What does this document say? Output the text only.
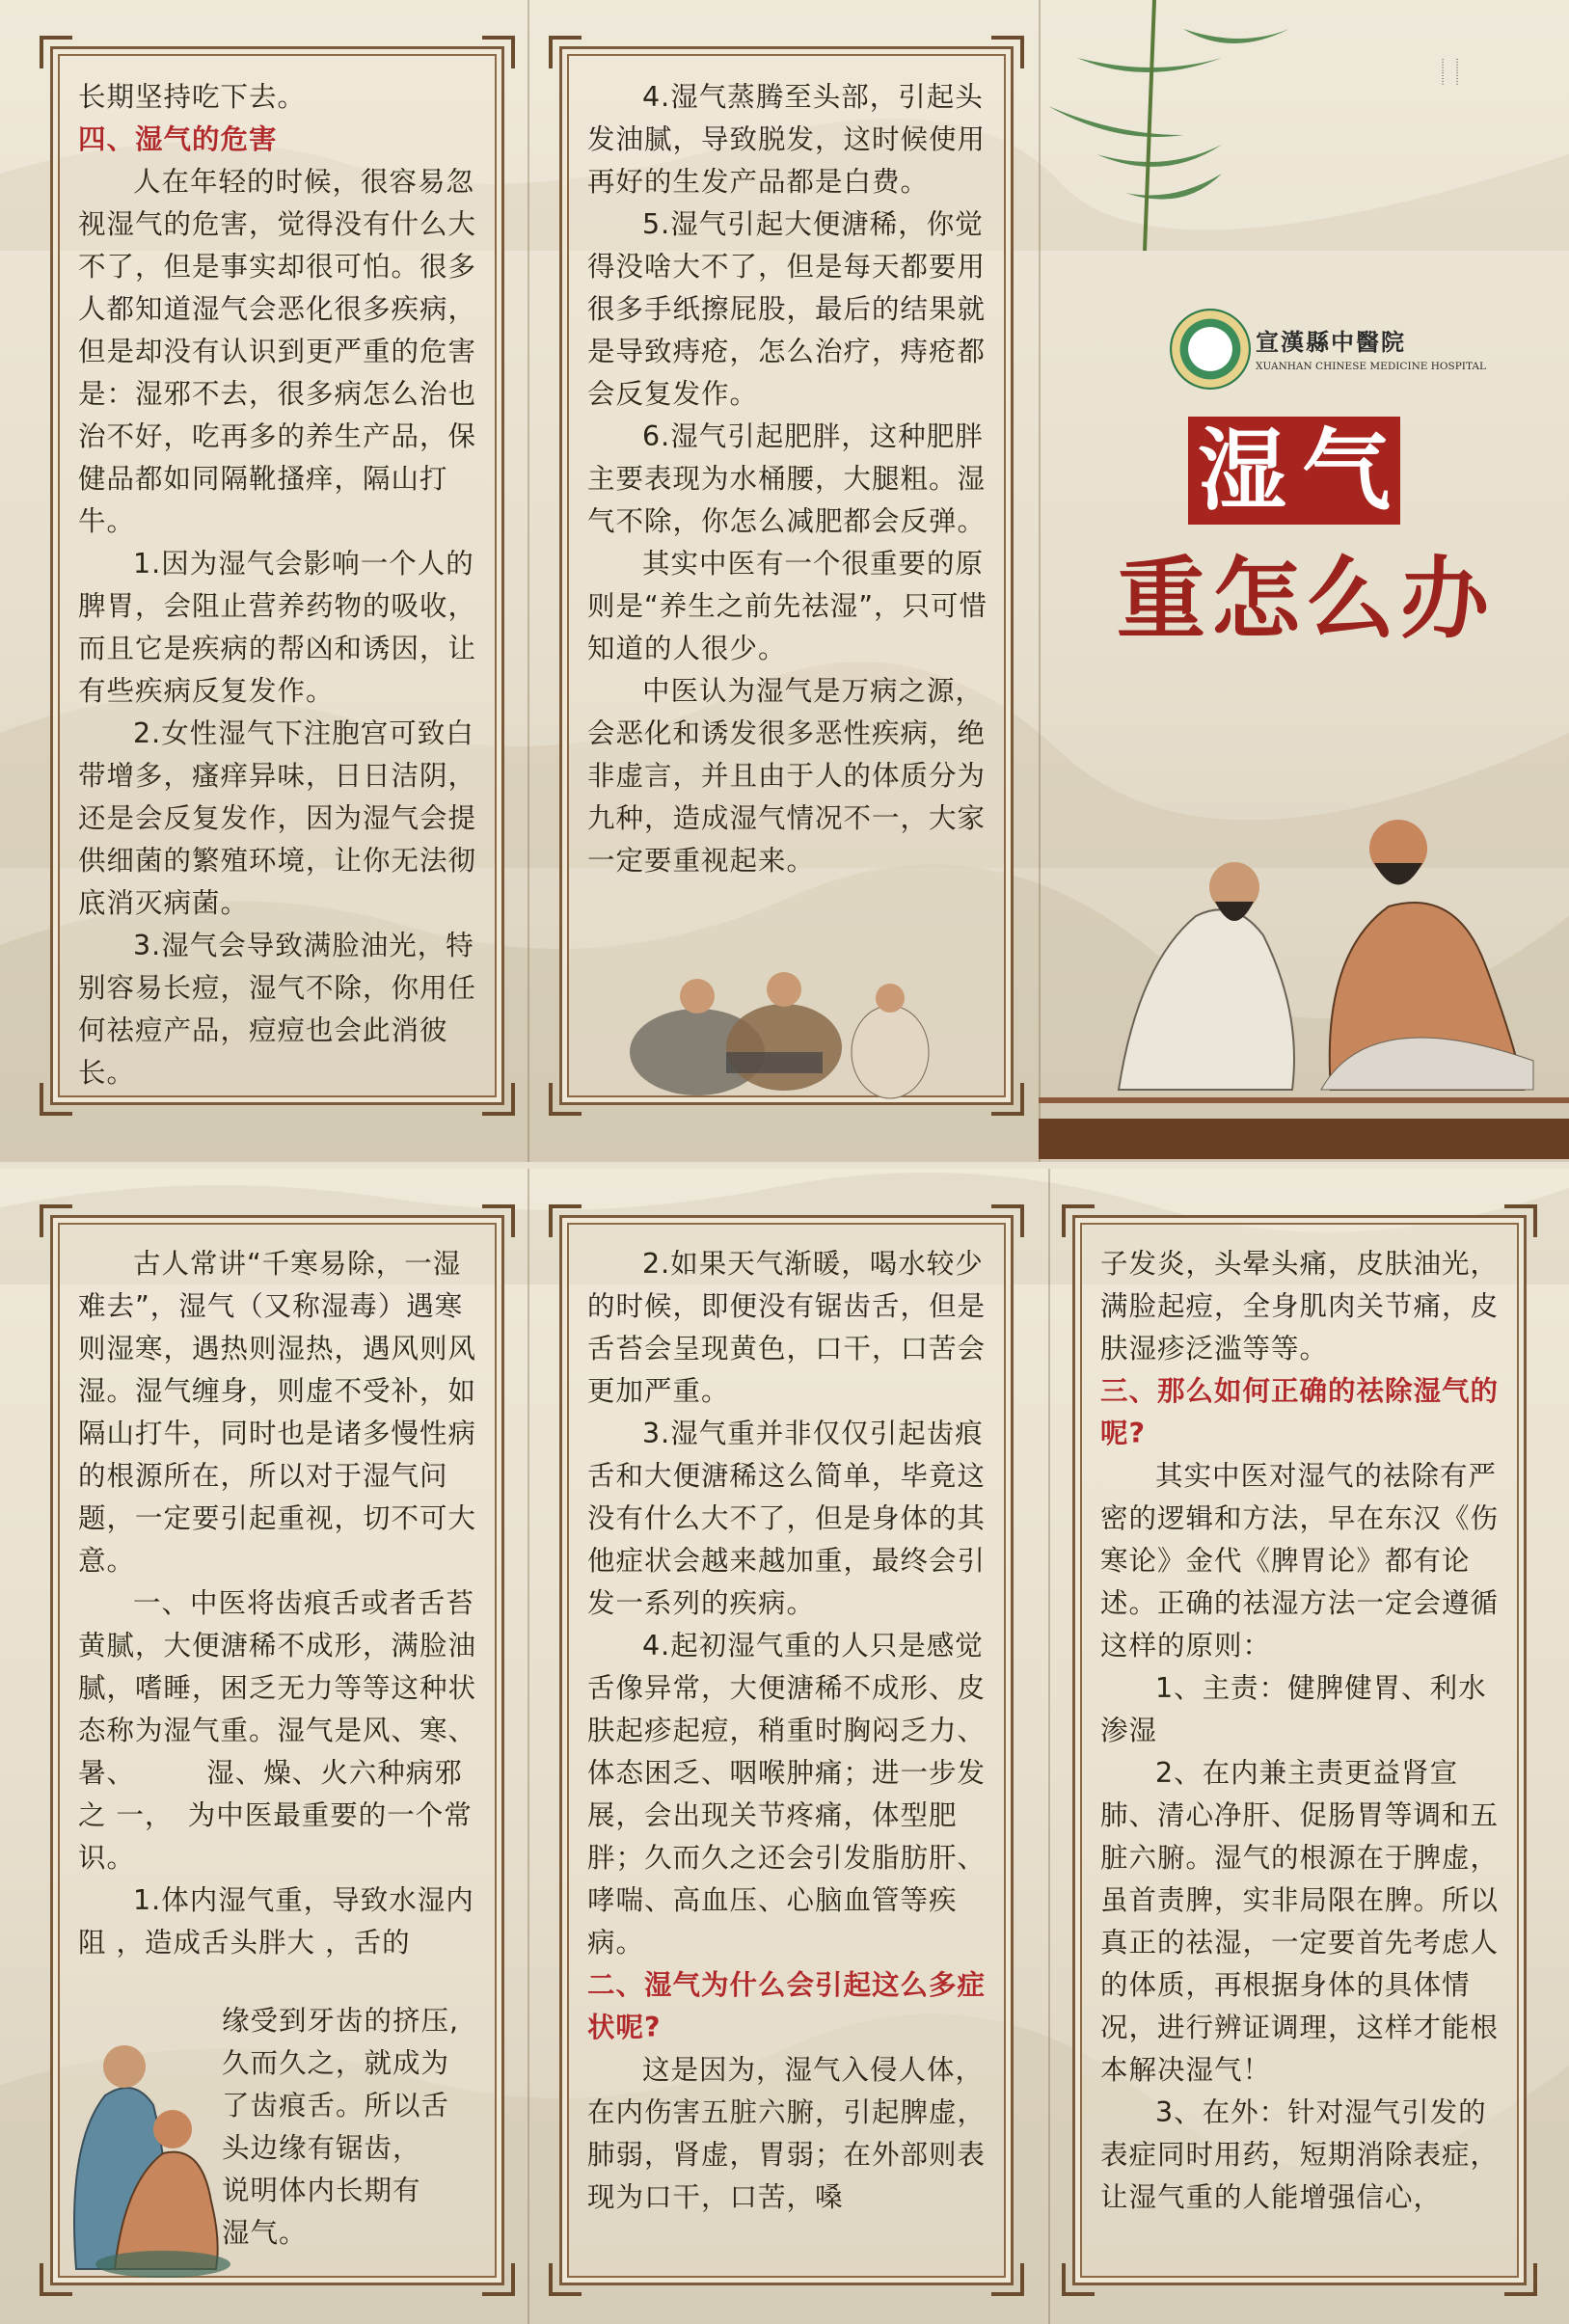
长期坚持吃下去。

四、湿气的危害

人在年轻的时候，很容易忽视湿气的危害，觉得没有什么大不了，但是事实却很可怕。很多人都知道湿气会恶化很多疾病，但是却没有认识到更严重的危害是：湿邪不去，很多病怎么治也治不好，吃再多的养生产品，保健品都如同隔靴搔痒，隔山打牛。

1.因为湿气会影响一个人的脾胃，会阻止营养药物的吸收，而且它是疾病的帮凶和诱因，让有些疾病反复发作。

2.女性湿气下注胞宫可致白带增多，瘙痒异味，日日洁阴，还是会反复发作，因为湿气会提供细菌的繁殖环境，让你无法彻底消灭病菌。

3.湿气会导致满脸油光，特别容易长痘，湿气不除，你用任何祛痘产品，痘痘也会此消彼长。

4.湿气蒸腾至头部，引起头发油腻，导致脱发，这时候使用再好的生发产品都是白费。

5.湿气引起大便溏稀，你觉得没啥大不了，但是每天都要用很多手纸擦屁股，最后的结果就是导致痔疮，怎么治疗，痔疮都会反复发作。

6.湿气引起肥胖，这种肥胖主要表现为水桶腰，大腿粗。湿气不除，你怎么减肥都会反弹。

其实中医有一个很重要的原则是“养生之前先祛湿”，只可惜知道的人很少。

中医认为湿气是万病之源，会恶化和诱发很多恶性疾病，绝非虚言，并且由于人的体质分为九种，造成湿气情况不一，大家一定要重视起来。

·········· ··········
宣漢縣中醫院
XUANHAN CHINESE MEDICINE HOSPITAL
湿 气
重怎么办

古人常讲“千寒易除，一湿难去”，湿气（又称湿毒）遇寒则湿寒，遇热则湿热，遇风则风湿。湿气缠身，则虚不受补，如隔山打牛，同时也是诸多慢性病的根源所在，所以对于湿气问题，一定要引起重视，切不可大意。

一、中医将齿痕舌或者舌苔黄腻，大便溏稀不成形，满脸油腻，嗜睡，困乏无力等等这种状态称为湿气重。湿气是风、寒、暑、　　　湿、燥、火六种病邪之 一，　为中医最重要的一个常识。

1.体内湿气重，导致水湿内阻 ，造成舌头胖大 ，舌的

缘受到牙齿的挤压,

久而久之，就成为

了齿痕舌。所以舌

头边缘有锯齿，

说明体内长期有

湿气。

2.如果天气渐暖，喝水较少的时候，即便没有锯齿舌，但是舌苔会呈现黄色，口干，口苦会更加严重。

3.湿气重并非仅仅引起齿痕舌和大便溏稀这么简单，毕竟这没有什么大不了，但是身体的其他症状会越来越加重，最终会引发一系列的疾病。

4.起初湿气重的人只是感觉舌像异常，大便溏稀不成形、皮肤起疹起痘，稍重时胸闷乏力、体态困乏、咽喉肿痛；进一步发展，会出现关节疼痛，体型肥胖；久而久之还会引发脂肪肝、哮喘、高血压、心脑血管等疾病。

二、湿气为什么会引起这么多症状呢?

这是因为，湿气入侵人体，在内伤害五脏六腑，引起脾虚，肺弱，肾虚，胃弱；在外部则表现为口干，口苦，嗓

子发炎，头晕头痛，皮肤油光，满脸起痘，全身肌肉关节痛，皮肤湿疹泛滥等等。

三、那么如何正确的祛除湿气的呢?

其实中医对湿气的祛除有严密的逻辑和方法，早在东汉《伤寒论》金代《脾胃论》都有论述。正确的祛湿方法一定会遵循这样的原则：

1、主责：健脾健胃、利水渗湿

2、在内兼主责更益肾宣肺、清心净肝、促肠胃等调和五脏六腑。湿气的根源在于脾虚，虽首责脾，实非局限在脾。所以真正的祛湿，一定要首先考虑人的体质，再根据身体的具体情况，进行辨证调理，这样才能根本解决湿气！

3、在外：针对湿气引发的表症同时用药，短期消除表症，让湿气重的人能增强信心，
